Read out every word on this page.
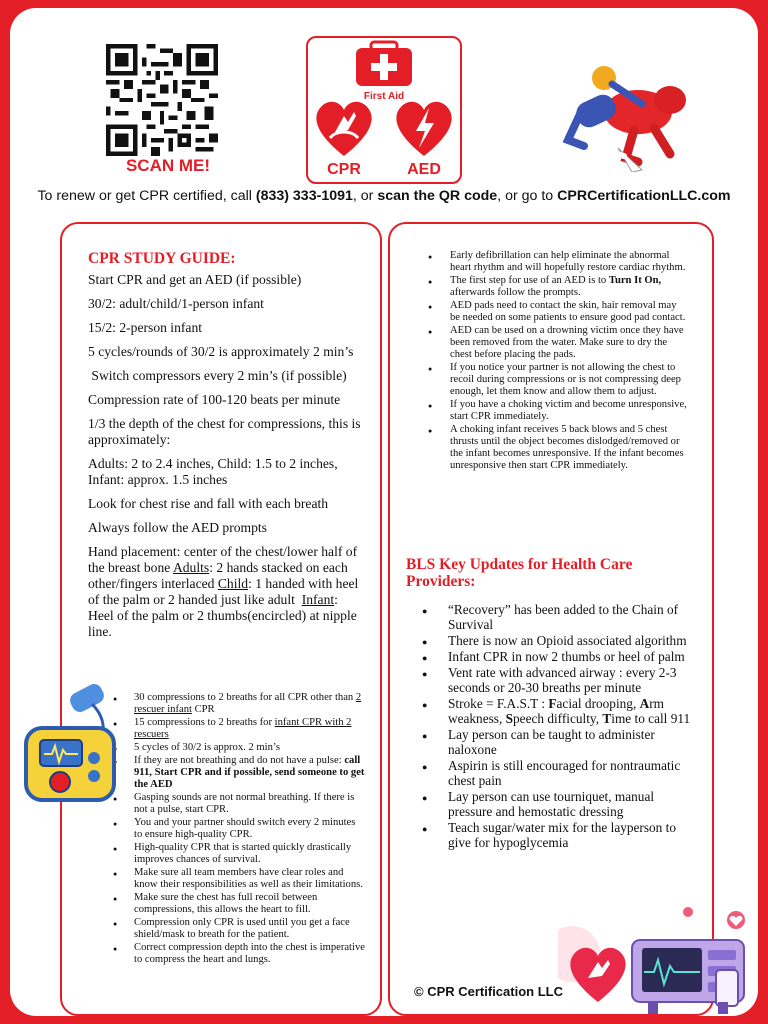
SCAN ME!
First Aid
CPR	AED
To renew or get CPR certified, call (833) 333-1091, or scan the QR code, or go to CPRCertificationLLC.com
CPR STUDY GUIDE:

Start CPR and get an AED (if possible)

30/2: adult/child/1-person infant

15/2: 2-person infant

5 cycles/rounds of 30/2 is approximately 2 min’s

Switch compressors every 2 min’s (if possible)

Compression rate of 100-120 beats per minute

1/3 the depth of the chest for compressions, this is approximately:

Adults: 2 to 2.4 inches, Child: 1.5 to 2 inches, Infant: approx. 1.5 inches

Look for chest rise and fall with each breath

Always follow the AED prompts

Hand placement: center of the chest/lower half of the breast bone Adults: 2 hands stacked on each other/fingers interlaced Child: 1 handed with heel of the palm or 2 handed just like adult  Infant: Heel of the palm or 2 thumbs(encircled) at nipple line.

● 30 compressions to 2 breaths for all CPR other than 2 rescuer infant CPR
● 15 compressions to 2 breaths for infant CPR with 2 rescuers
● 5 cycles of 30/2 is approx. 2 min’s
● If they are not breathing and do not have a pulse: call 911, Start CPR and if possible, send someone to get the AED
● Gasping sounds are not normal breathing. If there is not a pulse, start CPR.
● You and your partner should switch every 2 minutes to ensure high-quality CPR.
● High-quality CPR that is started quickly drastically improves chances of survival.
● Make sure all team members have clear roles and know their responsibilities as well as their limitations.
● Make sure the chest has full recoil between compressions, this allows the heart to fill.
● Compression only CPR is used until you get a face shield/mask to breath for the patient.
● Correct compression depth into the chest is imperative to compress the heart and lungs.
● Early defibrillation can help eliminate the abnormal heart rhythm and will hopefully restore cardiac rhythm.
● The first step for use of an AED is to Turn It On, afterwards follow the prompts.
● AED pads need to contact the skin, hair removal may be needed on some patients to ensure good pad contact.
● AED can be used on a drowning victim once they have been removed from the water. Make sure to dry the chest before placing the pads.
● If you notice your partner is not allowing the chest to recoil during compressions or is not compressing deep enough, let them know and allow them to adjust.
● If you have a choking victim and become unresponsive, start CPR immediately.
● A choking infant receives 5 back blows and 5 chest thrusts until the object becomes dislodged/removed or the infant becomes unresponsive. If the infant becomes unresponsive then start CPR immediately.
BLS Key Updates for Health Care Providers:
● “Recovery” has been added to the Chain of Survival
● There is now an Opioid associated algorithm
● Infant CPR in now 2 thumbs or heel of palm
● Vent rate with advanced airway : every 2-3 seconds or 20-30 breaths per minute
● Stroke = F.A.S.T : Facial drooping, Arm weakness, Speech difficulty, Time to call 911
● Lay person can be taught to administer naloxone
● Aspirin is still encouraged for nontraumatic chest pain
● Lay person can use tourniquet, manual pressure and hemostatic dressing
● Teach sugar/water mix for the layperson to give for hypoglycemia
© CPR Certification LLC
